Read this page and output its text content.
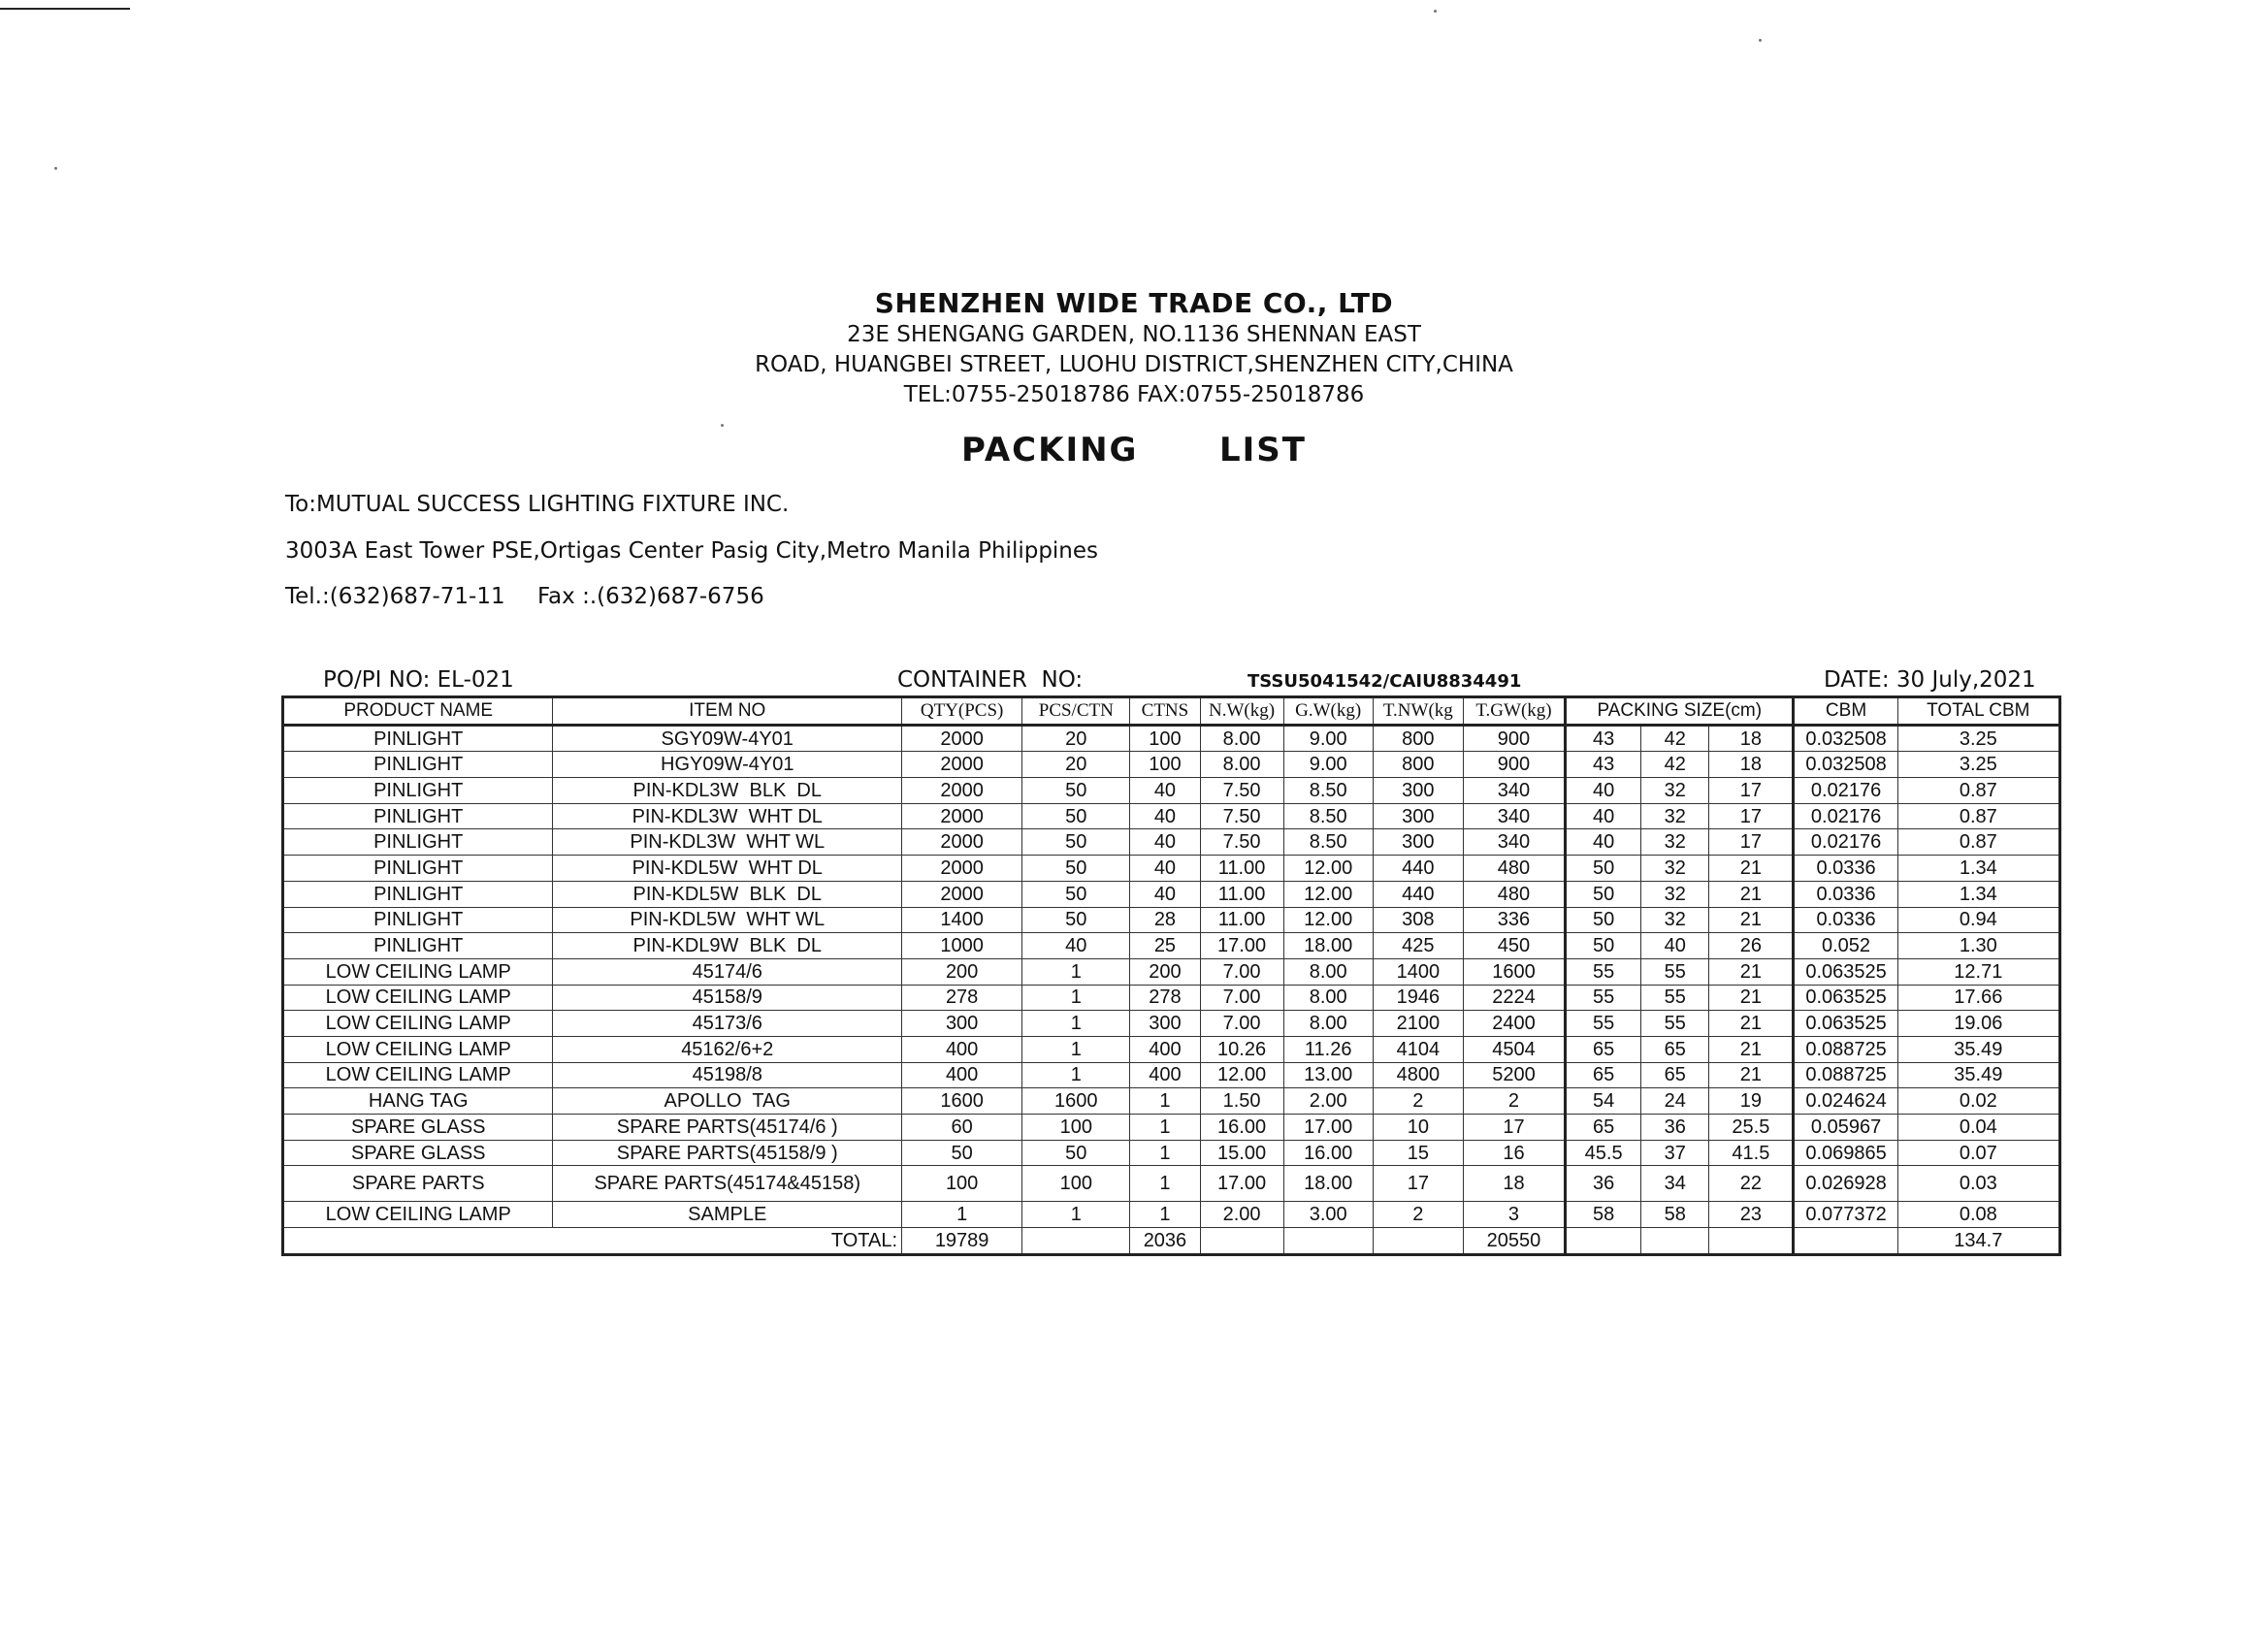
SHENZHEN WIDE TRADE CO., LTD
23E SHENGANG GARDEN, NO.1136 SHENNAN EAST
ROAD, HUANGBEI STREET, LUOHU DISTRICT,SHENZHEN CITY,CHINA
TEL:0755-25018786 FAX:0755-25018786
PACKING   LIST
To:MUTUAL SUCCESS LIGHTING FIXTURE INC.
3003A East Tower PSE,Ortigas Center Pasig City,Metro Manila Philippines
Tel.:(632)687-71-11 Fax :.(632)687-6756
PO/PI NO: EL-021	CONTAINER  NO:	TSSU5041542/CAIU8834491	DATE: 30 July,2021
PRODUCT NAME	ITEM NO	QTY(PCS)	PCS/CTN	CTNS	N.W(kg)	G.W(kg)	T.NW(kg	T.GW(kg)	PACKING SIZE(cm)			CBM	TOTAL CBM
PINLIGHT	SGY09W-4Y01	2000	20	100	8.00	9.00	800	900	43	42	18	0.032508	3.25
PINLIGHT	HGY09W-4Y01	2000	20	100	8.00	9.00	800	900	43	42	18	0.032508	3.25
PINLIGHT	PIN-KDL3W  BLK  DL	2000	50	40	7.50	8.50	300	340	40	32	17	0.02176	0.87
PINLIGHT	PIN-KDL3W  WHT DL	2000	50	40	7.50	8.50	300	340	40	32	17	0.02176	0.87
PINLIGHT	PIN-KDL3W  WHT WL	2000	50	40	7.50	8.50	300	340	40	32	17	0.02176	0.87
PINLIGHT	PIN-KDL5W  WHT DL	2000	50	40	11.00	12.00	440	480	50	32	21	0.0336	1.34
PINLIGHT	PIN-KDL5W  BLK  DL	2000	50	40	11.00	12.00	440	480	50	32	21	0.0336	1.34
PINLIGHT	PIN-KDL5W  WHT WL	1400	50	28	11.00	12.00	308	336	50	32	21	0.0336	0.94
PINLIGHT	PIN-KDL9W  BLK  DL	1000	40	25	17.00	18.00	425	450	50	40	26	0.052	1.30
LOW CEILING LAMP	45174/6	200	1	200	7.00	8.00	1400	1600	55	55	21	0.063525	12.71
LOW CEILING LAMP	45158/9	278	1	278	7.00	8.00	1946	2224	55	55	21	0.063525	17.66
LOW CEILING LAMP	45173/6	300	1	300	7.00	8.00	2100	2400	55	55	21	0.063525	19.06
LOW CEILING LAMP	45162/6+2	400	1	400	10.26	11.26	4104	4504	65	65	21	0.088725	35.49
LOW CEILING LAMP	45198/8	400	1	400	12.00	13.00	4800	5200	65	65	21	0.088725	35.49
HANG TAG	APOLLO  TAG	1600	1600	1	1.50	2.00	2	2	54	24	19	0.024624	0.02
SPARE GLASS	SPARE PARTS(45174/6 )	60	100	1	16.00	17.00	10	17	65	36	25.5	0.05967	0.04
SPARE GLASS	SPARE PARTS(45158/9 )	50	50	1	15.00	16.00	15	16	45.5	37	41.5	0.069865	0.07
SPARE PARTS	SPARE PARTS(45174&45158)	100	100	1	17.00	18.00	17	18	36	34	22	0.026928	0.03
LOW CEILING LAMP	SAMPLE	1	1	1	2.00	3.00	2	3	58	58	23	0.077372	0.08
TOTAL:		19789		2036				20550					134.7
